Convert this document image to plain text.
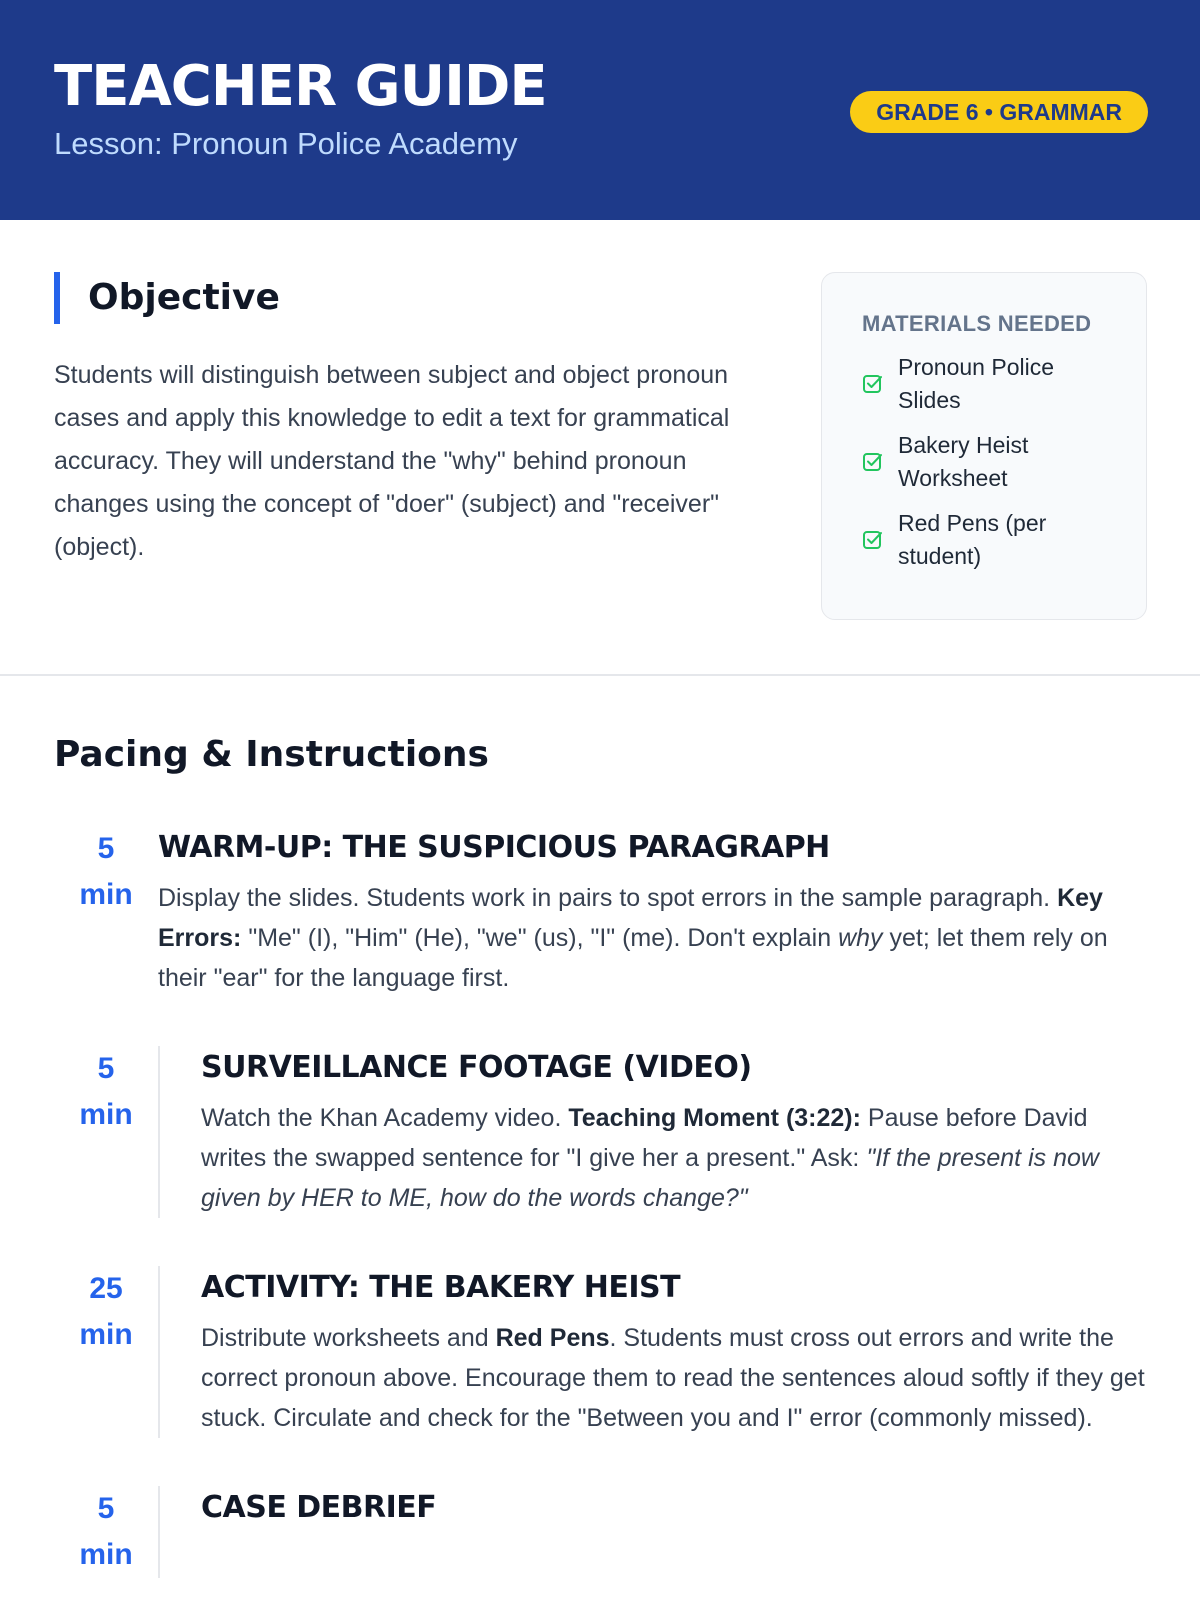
TEACHER GUIDE
Lesson: Pronoun Police Academy
GRADE 6 • GRAMMAR
Objective

Students will distinguish between subject and object pronoun cases and apply this knowledge to edit a text for grammatical accuracy. They will understand the "why" behind pronoun changes using the concept of "doer" (subject) and "receiver" (object).

MATERIALS NEEDED
Pronoun Police Slides
Bakery Heist Worksheet
Red Pens (per student)
Pacing & Instructions
5
min
WARM-UP: THE SUSPICIOUS PARAGRAPH

Display the slides. Students work in pairs to spot errors in the sample paragraph. Key Errors: "Me" (I), "Him" (He), "we" (us), "I" (me). Don't explain why yet; let them rely on their "ear" for the language first.

5
min
SURVEILLANCE FOOTAGE (VIDEO)

Watch the Khan Academy video. Teaching Moment (3:22): Pause before David writes the swapped sentence for "I give her a present." Ask: "If the present is now given by HER to ME, how do the words change?"

25
min
ACTIVITY: THE BAKERY HEIST

Distribute worksheets and Red Pens. Students must cross out errors and write the correct pronoun above. Encourage them to read the sentences aloud softly if they get stuck. Circulate and check for the "Between you and I" error (commonly missed).

5
min
CASE DEBRIEF
